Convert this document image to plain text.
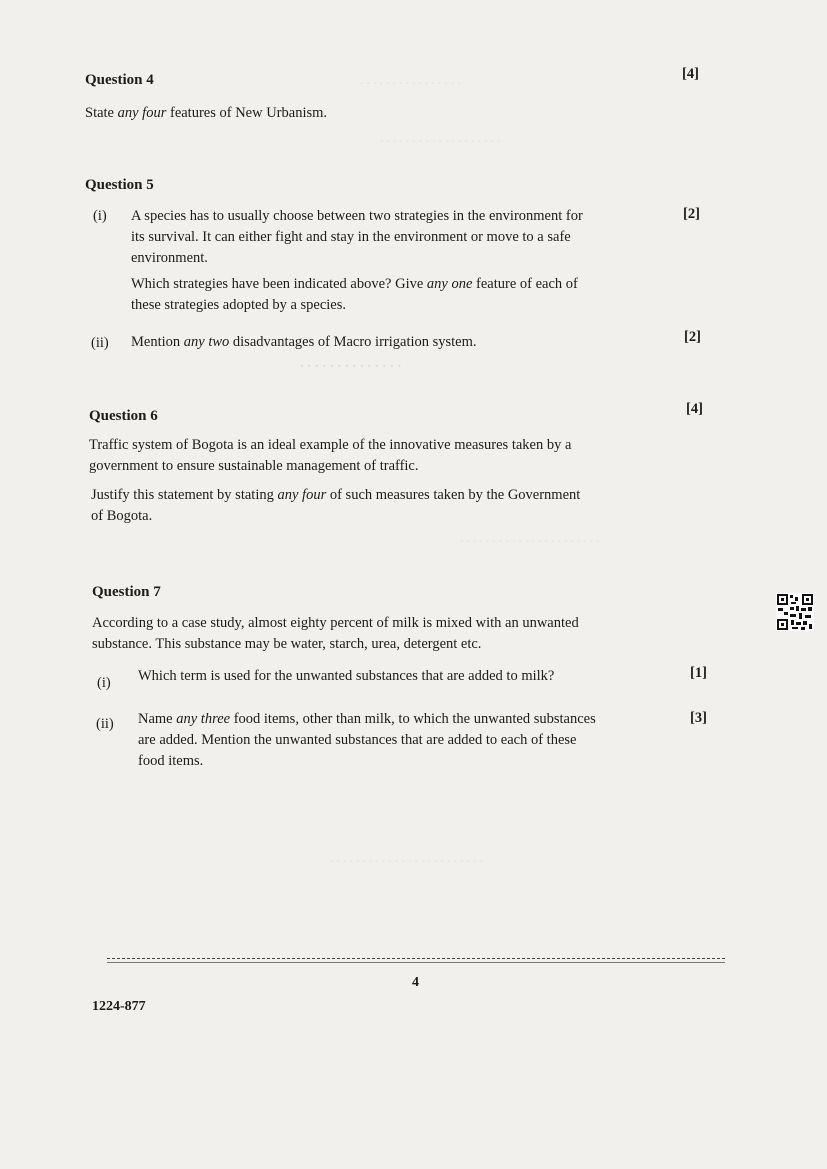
. . . . . . . . . . . . . . . .
. . . . . . . . . . . . . . . . . . .
. . . . . . . . . . . . . .
. . . . . . . . . . . . . . . . . . . . . .
. . . . . . . . . . . . . . . . . . . . . . . .
Question 4	[4]
State any four features of New Urbanism.
Question 5
(i)	[2]
A species has to usually choose between two strategies in the environment for
its survival. It can either fight and stay in the environment or move to a safe
environment.
Which strategies have been indicated above? Give any one feature of each of
these strategies adopted by a species.
(ii)	[2]
Mention any two disadvantages of Macro irrigation system.
Question 6	[4]
Traffic system of Bogota is an ideal example of the innovative measures taken by a
government to ensure sustainable management of traffic.
Justify this statement by stating any four of such measures taken by the Government
of Bogota.
Question 7
According to a case study, almost eighty percent of milk is mixed with an unwanted
substance. This substance may be water, starch, urea, detergent etc.
(i)
[1]
Which term is used for the unwanted substances that are added to milk?
(ii)	[3]
Name any three food items, other than milk, to which the unwanted substances
are added. Mention the unwanted substances that are added to each of these
food items.
4
1224-877
